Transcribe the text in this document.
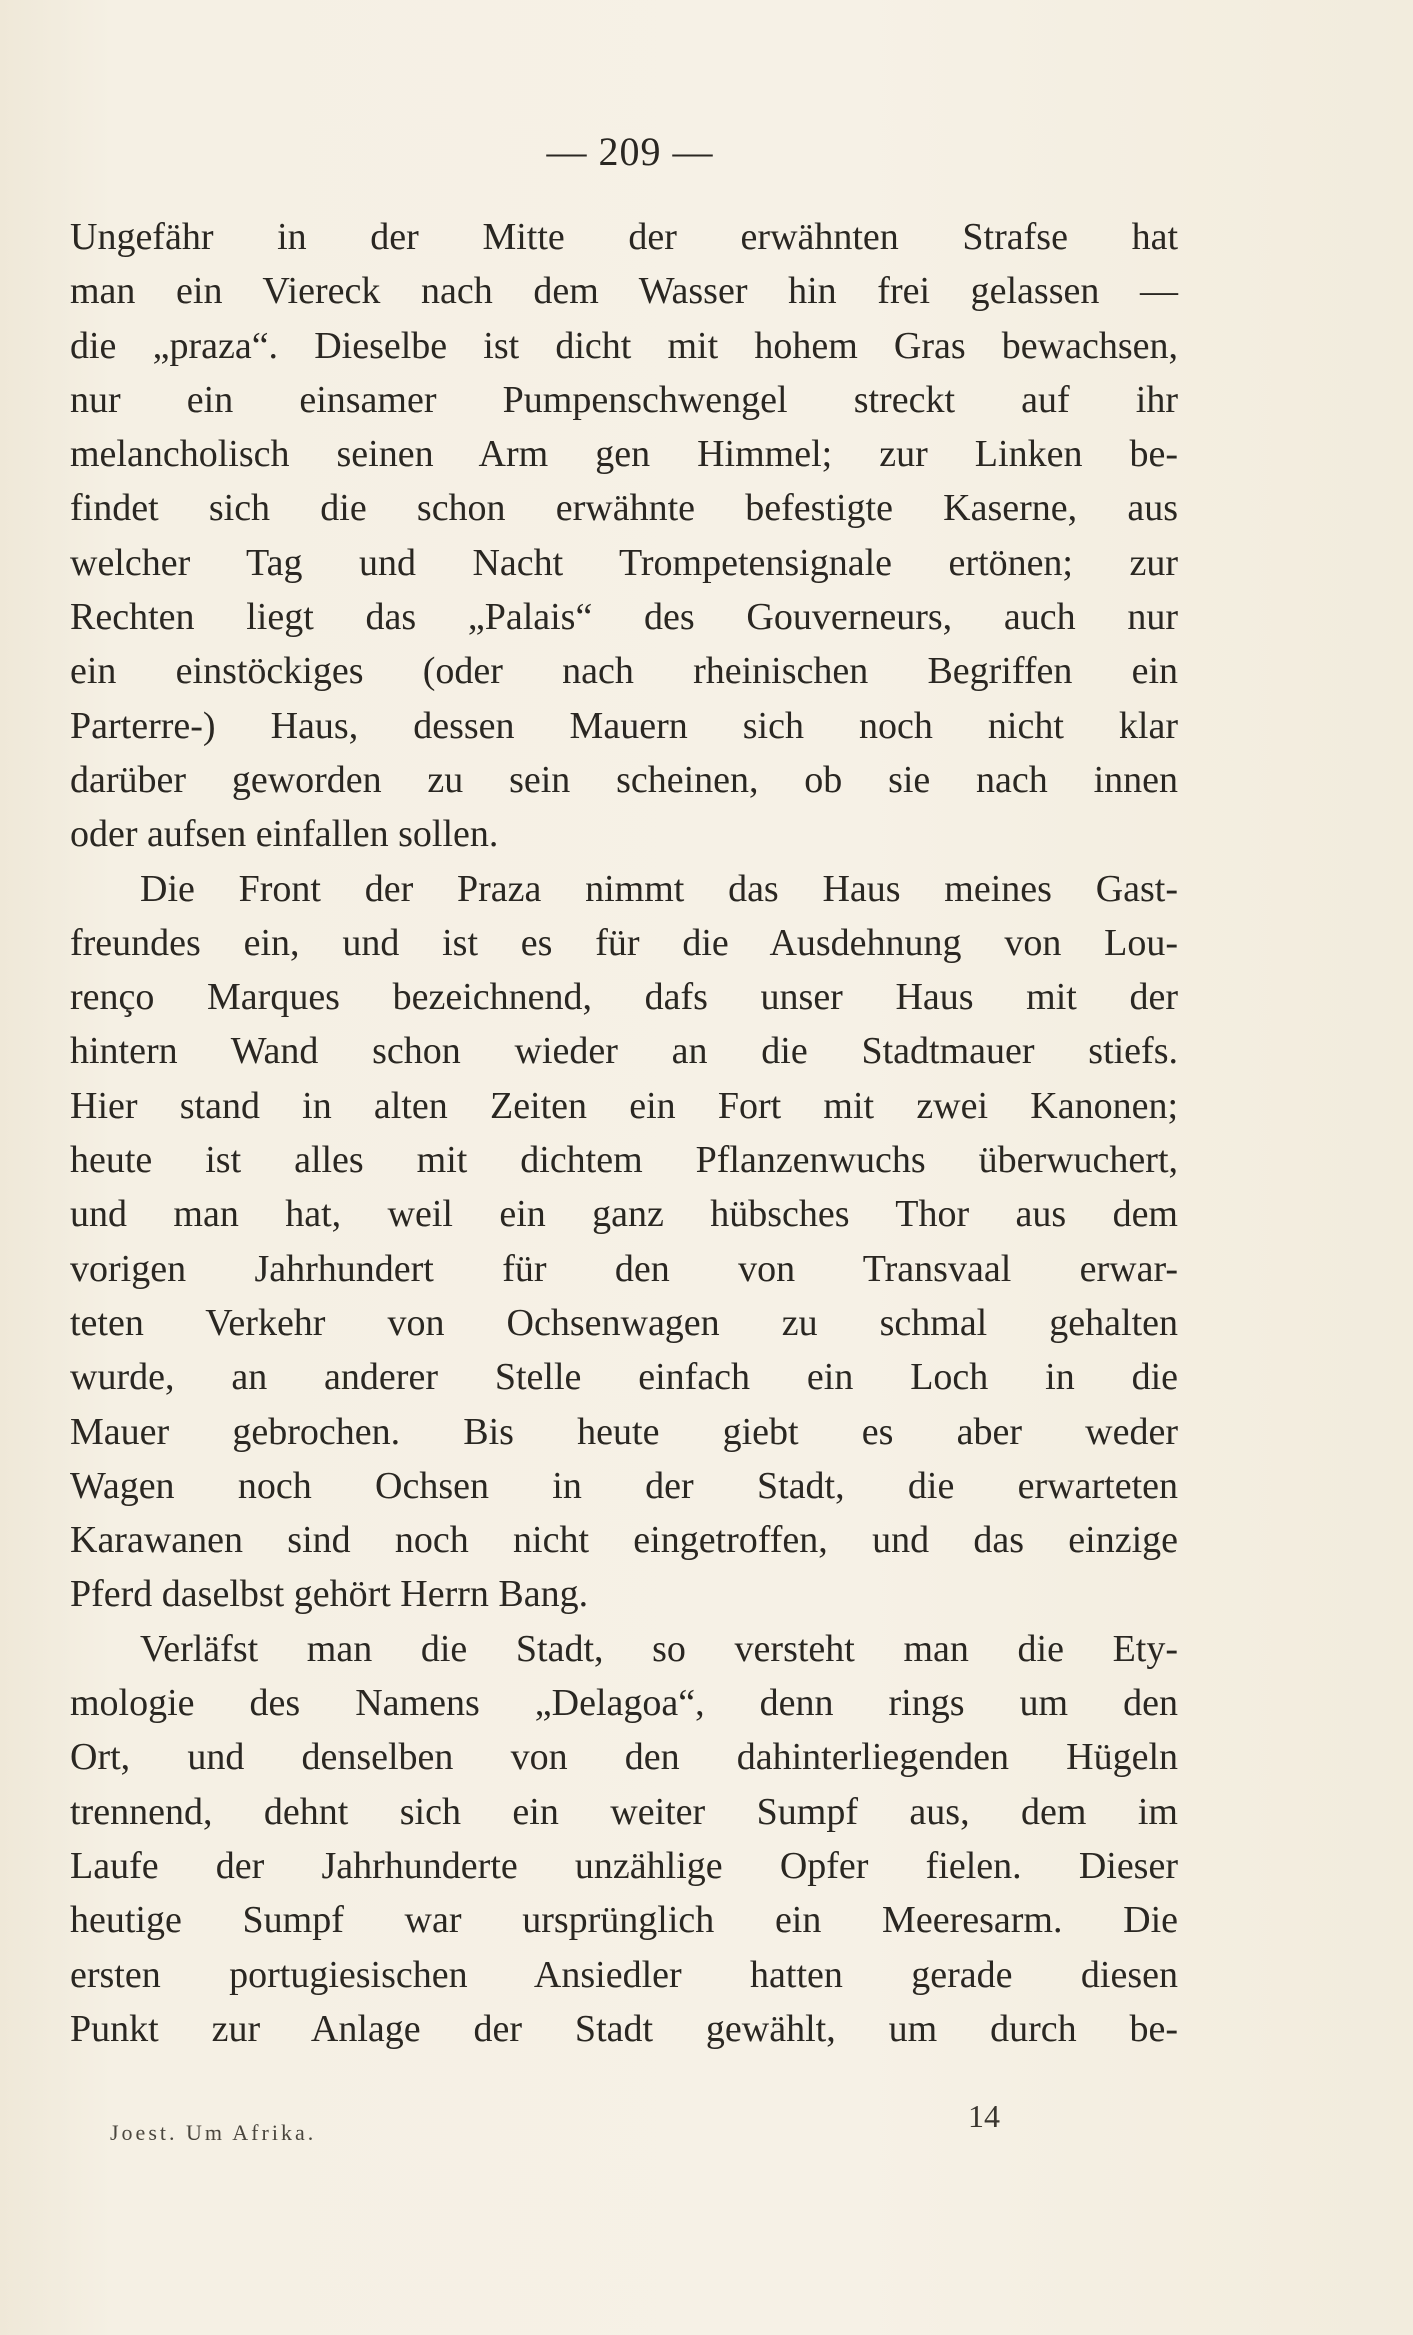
— 209 —
Ungefähr in der Mitte der erwähnten Strafse hat
man ein Viereck nach dem Wasser hin frei gelassen —
die „praza“. Dieselbe ist dicht mit hohem Gras bewachsen,
nur ein einsamer Pumpenschwengel streckt auf ihr
melancholisch seinen Arm gen Himmel; zur Linken be-
findet sich die schon erwähnte befestigte Kaserne, aus
welcher Tag und Nacht Trompetensignale ertönen; zur
Rechten liegt das „Palais“ des Gouverneurs, auch nur
ein einstöckiges (oder nach rheinischen Begriffen ein
Parterre-) Haus, dessen Mauern sich noch nicht klar
darüber geworden zu sein scheinen, ob sie nach innen
oder aufsen einfallen sollen.
Die Front der Praza nimmt das Haus meines Gast-
freundes ein, und ist es für die Ausdehnung von Lou-
renço Marques bezeichnend, dafs unser Haus mit der
hintern Wand schon wieder an die Stadtmauer stiefs.
Hier stand in alten Zeiten ein Fort mit zwei Kanonen;
heute ist alles mit dichtem Pflanzenwuchs überwuchert,
und man hat, weil ein ganz hübsches Thor aus dem
vorigen Jahrhundert für den von Transvaal erwar-
teten Verkehr von Ochsenwagen zu schmal gehalten
wurde, an anderer Stelle einfach ein Loch in die
Mauer gebrochen. Bis heute giebt es aber weder
Wagen noch Ochsen in der Stadt, die erwarteten
Karawanen sind noch nicht eingetroffen, und das einzige
Pferd daselbst gehört Herrn Bang.
Verläfst man die Stadt, so versteht man die Ety-
mologie des Namens „Delagoa“, denn rings um den
Ort, und denselben von den dahinterliegenden Hügeln
trennend, dehnt sich ein weiter Sumpf aus, dem im
Laufe der Jahrhunderte unzählige Opfer fielen. Dieser
heutige Sumpf war ursprünglich ein Meeresarm. Die
ersten portugiesischen Ansiedler hatten gerade diesen
Punkt zur Anlage der Stadt gewählt, um durch be-
Joest. Um Afrika.	14
